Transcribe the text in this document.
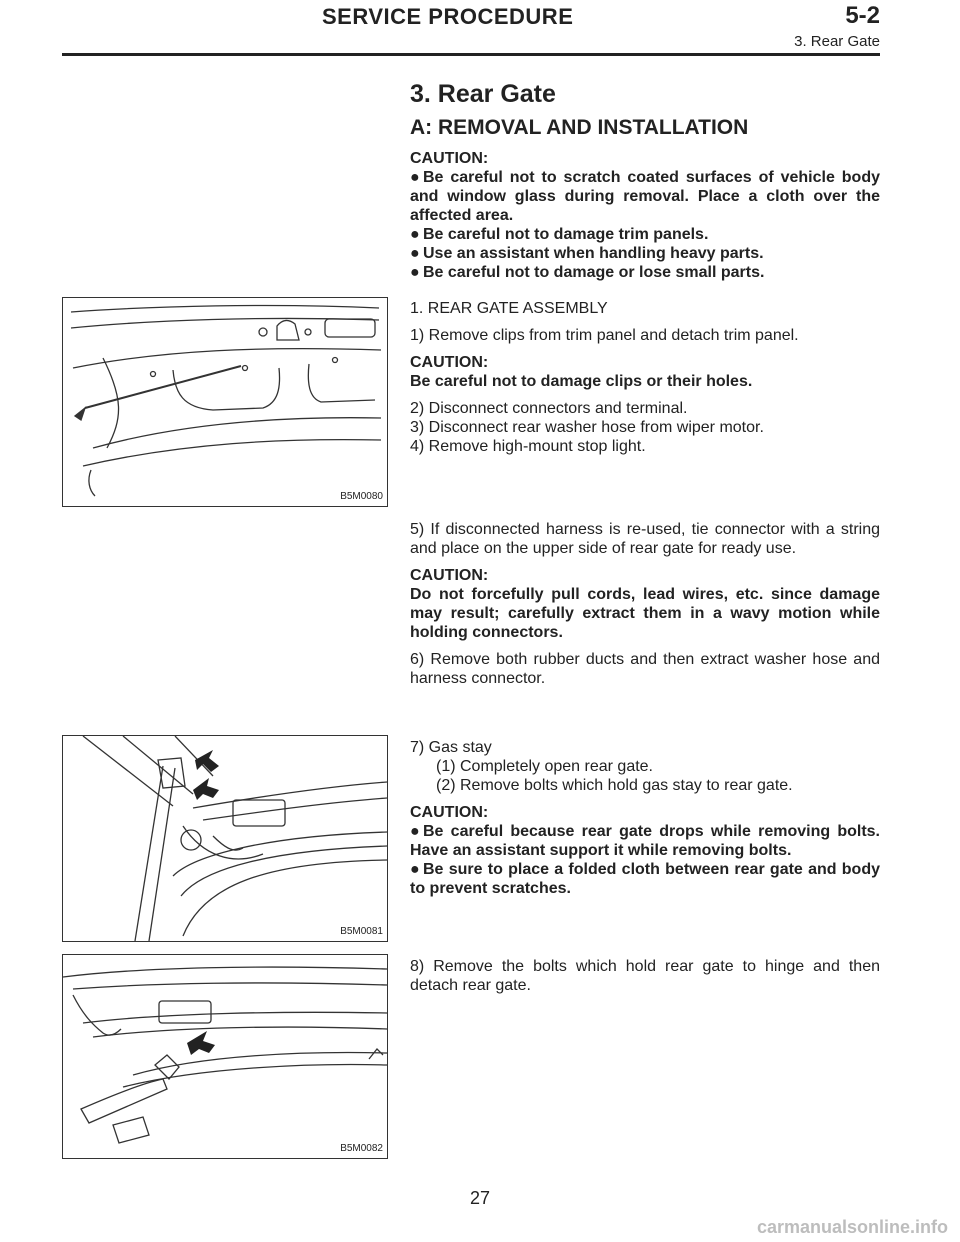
SERVICE PROCEDURE	5-2
3. Rear Gate
3. Rear Gate
A: REMOVAL AND INSTALLATION

CAUTION:

● Be careful not to scratch coated surfaces of vehicle body and window glass during removal. Place a cloth over the affected area.

● Be careful not to damage trim panels.

● Use an assistant when handling heavy parts.

● Be careful not to damage or lose small parts.

B5M0080

1. REAR GATE ASSEMBLY

1) Remove clips from trim panel and detach trim panel.

CAUTION:

Be careful not to damage clips or their holes.

2) Disconnect connectors and terminal.

3) Disconnect rear washer hose from wiper motor.

4) Remove high-mount stop light.

5) If disconnected harness is re-used, tie connector with a string and place on the upper side of rear gate for ready use.

CAUTION:

Do not forcefully pull cords, lead wires, etc. since damage may result; carefully extract them in a wavy motion while holding connectors.

6) Remove both rubber ducts and then extract washer hose and harness connector.

B5M0081

7) Gas stay

(1) Completely open rear gate.

(2) Remove bolts which hold gas stay to rear gate.

CAUTION:

● Be careful because rear gate drops while removing bolts. Have an assistant support it while removing bolts.

● Be sure to place a folded cloth between rear gate and body to prevent scratches.

B5M0082

8) Remove the bolts which hold rear gate to hinge and then detach rear gate.

27
carmanualsonline.info
